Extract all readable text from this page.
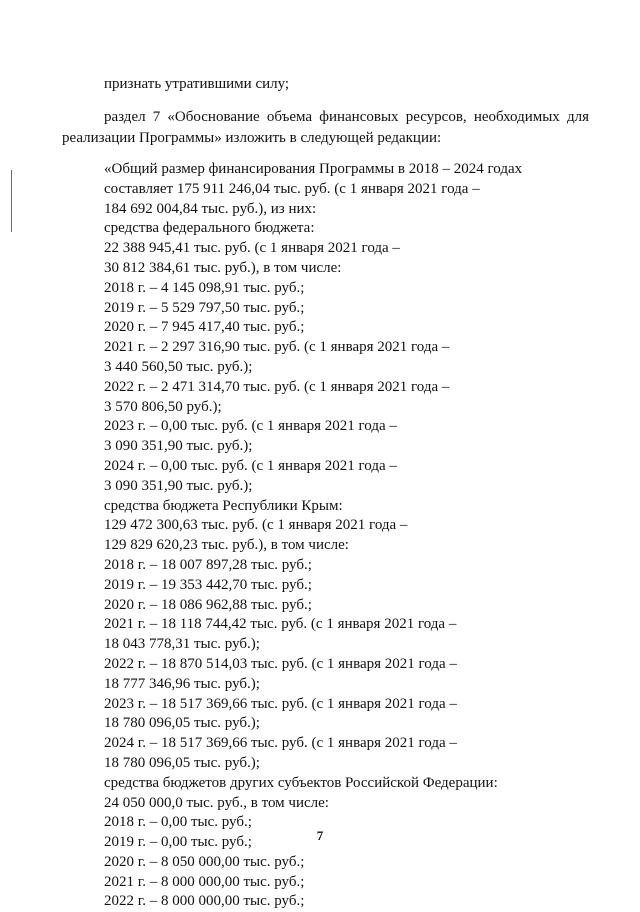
признать утратившими силу;
раздел 7 «Обоснование объема финансовых ресурсов, необходимых для
реализации Программы» изложить в следующей редакции:
«Общий размер финансирования Программы в 2018 – 2024 годах
составляет 175 911 246,04 тыс. руб. (с 1 января 2021 года –
184 692 004,84 тыс. руб.), из них:
средства федерального бюджета:
22 388 945,41 тыс. руб. (с 1 января 2021 года –
30 812 384,61 тыс. руб.), в том числе:
2018 г. – 4 145 098,91 тыс. руб.;
2019 г. – 5 529 797,50 тыс. руб.;
2020 г. – 7 945 417,40 тыс. руб.;
2021 г. – 2 297 316,90 тыс. руб. (с 1 января 2021 года –
3 440 560,50 тыс. руб.);
2022 г. – 2 471 314,70 тыс. руб. (с 1 января 2021 года –
3 570 806,50 руб.);
2023 г. – 0,00 тыс. руб. (с 1 января 2021 года –
3 090 351,90 тыс. руб.);
2024 г. – 0,00 тыс. руб. (с 1 января 2021 года –
3 090 351,90 тыс. руб.);
средства бюджета Республики Крым:
129 472 300,63 тыс. руб. (с 1 января 2021 года –
129 829 620,23 тыс. руб.), в том числе:
2018 г. – 18 007 897,28 тыс. руб.;
2019 г. – 19 353 442,70 тыс. руб.;
2020 г. – 18 086 962,88 тыс. руб.;
2021 г. – 18 118 744,42 тыс. руб. (с 1 января 2021 года –
18 043 778,31 тыс. руб.);
2022 г. – 18 870 514,03 тыс. руб. (с 1 января 2021 года –
18 777 346,96 тыс. руб.);
2023 г. – 18 517 369,66 тыс. руб. (с 1 января 2021 года –
18 780 096,05 тыс. руб.);
2024 г. – 18 517 369,66 тыс. руб. (с 1 января 2021 года –
18 780 096,05 тыс. руб.);
средства бюджетов других субъектов Российской Федерации:
24 050 000,0 тыс. руб., в том числе:
2018 г. – 0,00 тыс. руб.;
2019 г. – 0,00 тыс. руб.;
2020 г. – 8 050 000,00 тыс. руб.;
2021 г. – 8 000 000,00 тыс. руб.;
2022 г. – 8 000 000,00 тыс. руб.;
7
